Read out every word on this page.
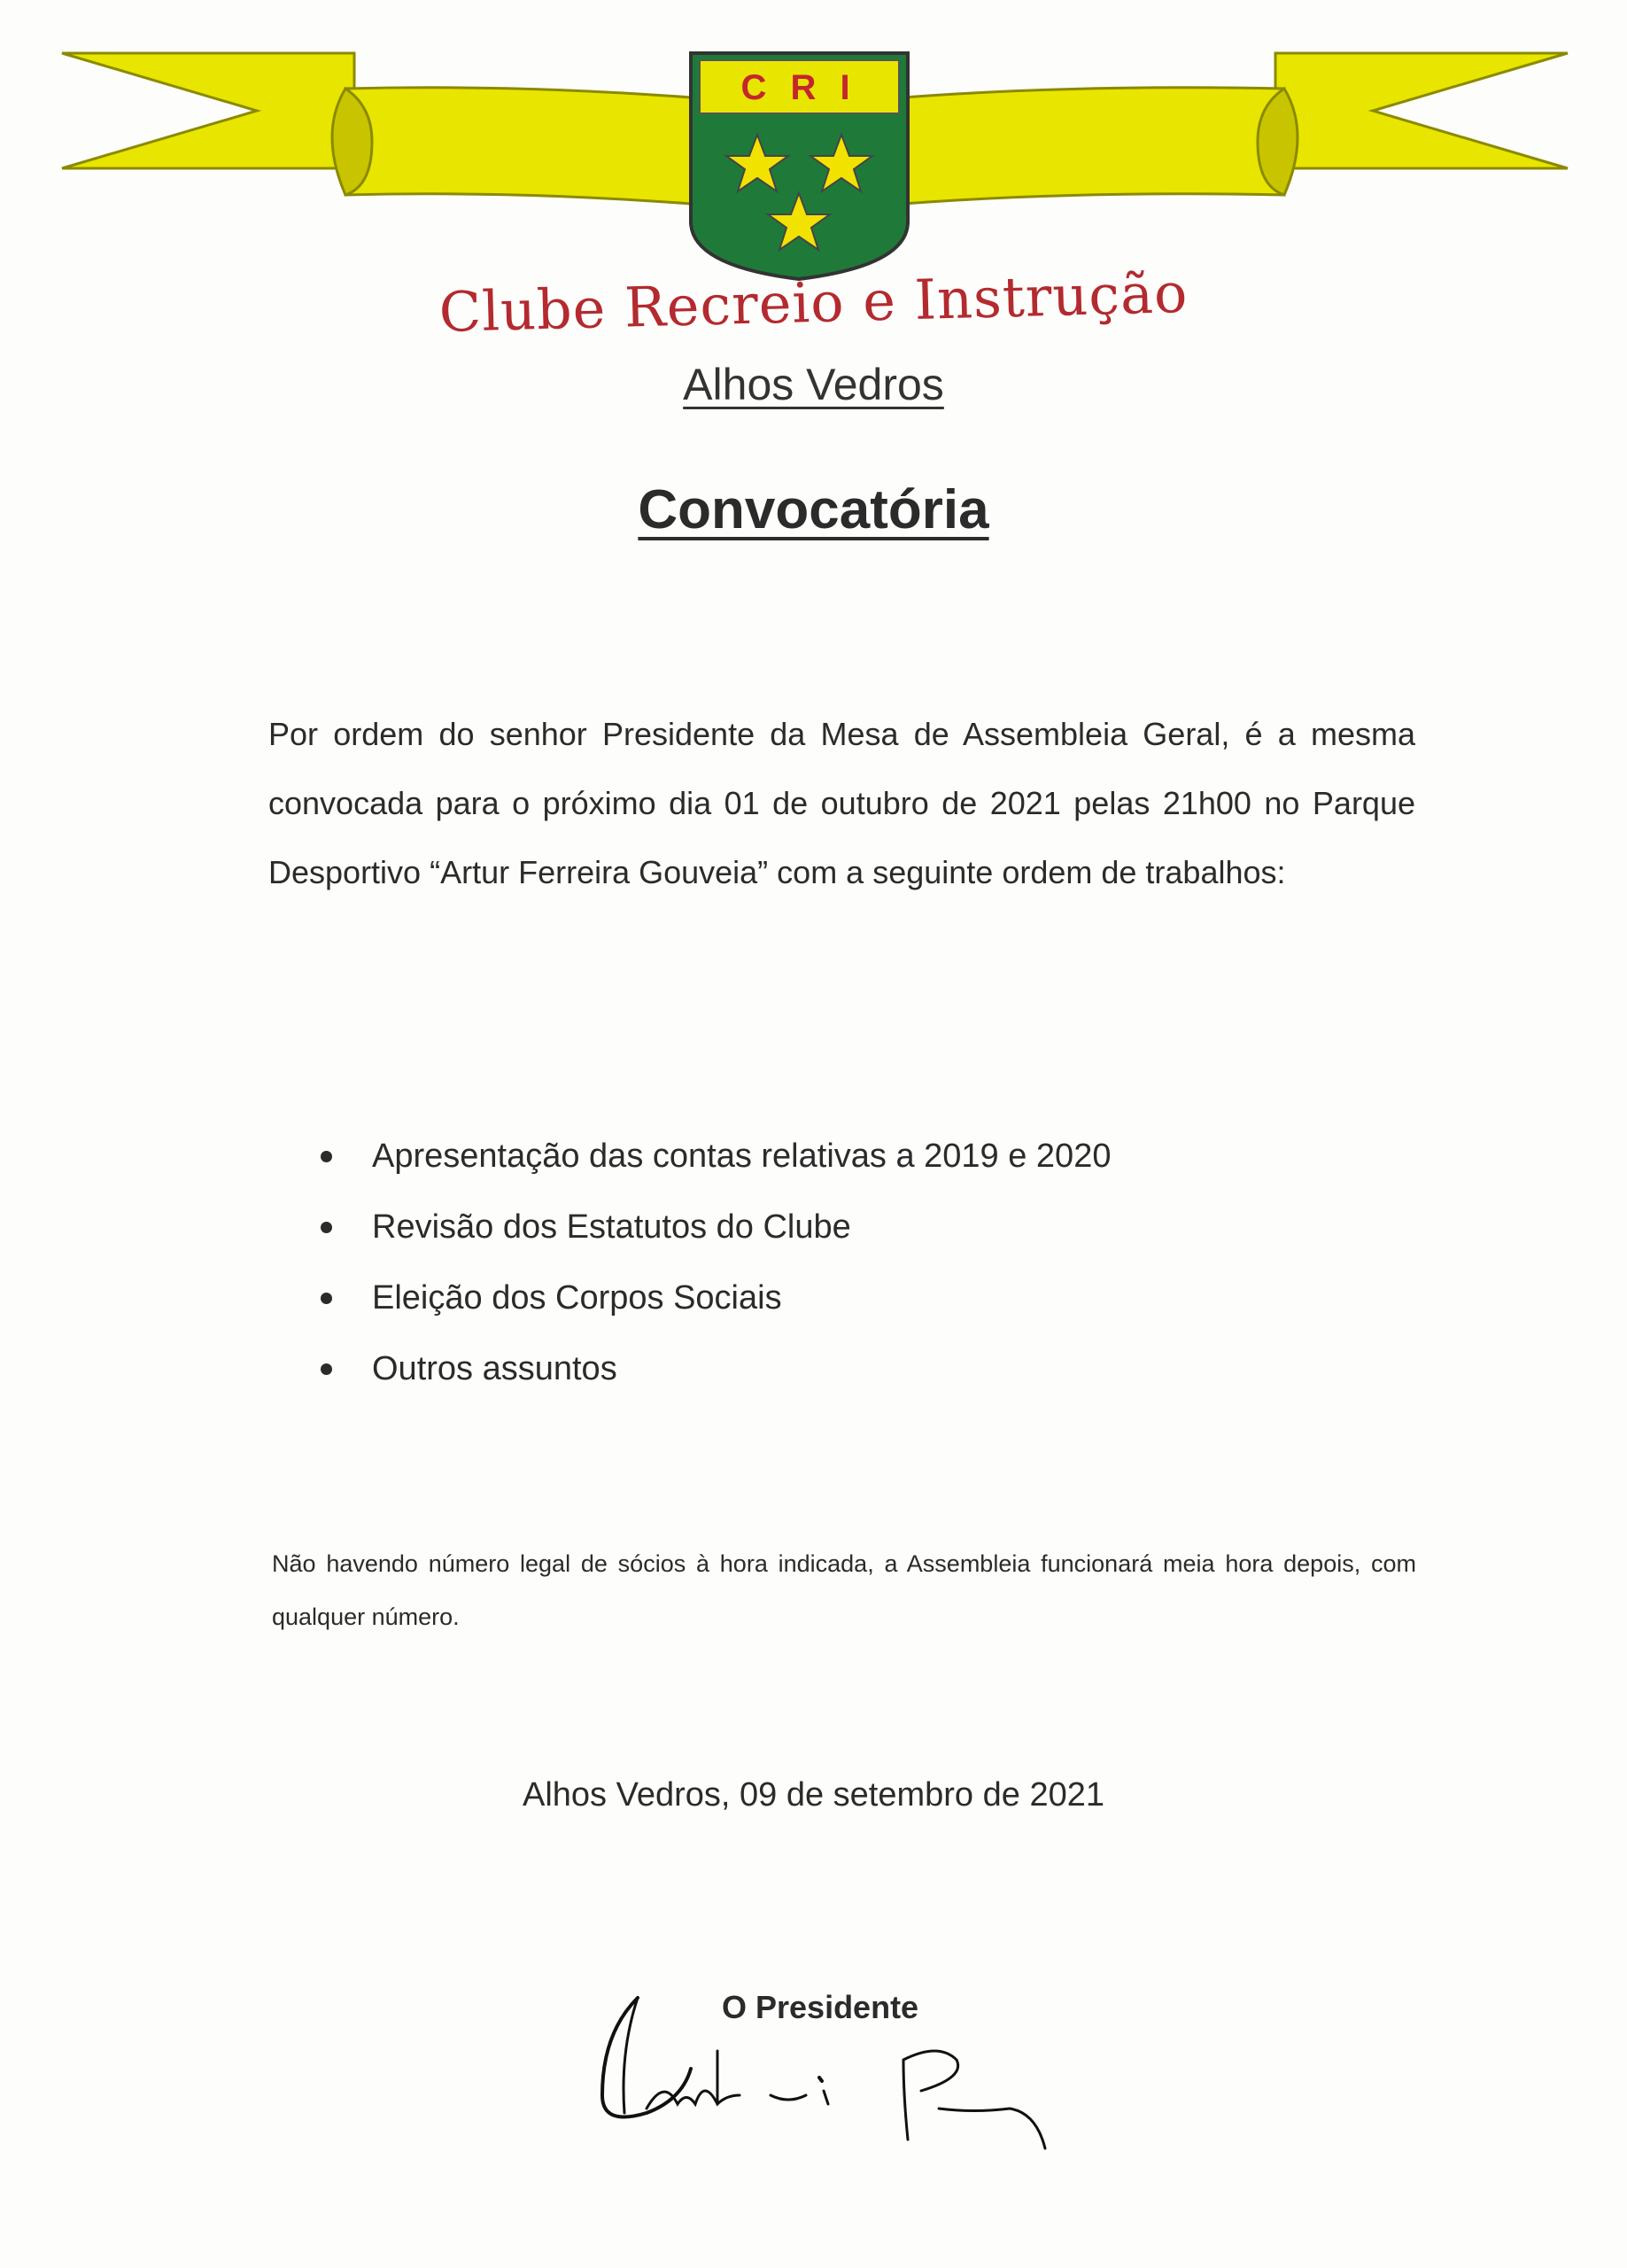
C R I
Clube Recreio e Instrução
Alhos Vedros
Convocatória
Por ordem do senhor Presidente da Mesa de Assembleia Geral, é a mesma convocada para o próximo dia 01 de outubro de 2021 pelas 21h00 no Parque Desportivo “Artur Ferreira Gouveia” com a seguinte ordem de trabalhos:
Apresentação das contas relativas a 2019 e 2020
Revisão dos Estatutos do Clube
Eleição dos Corpos Sociais
Outros assuntos
Não havendo número legal de sócios à hora indicada, a Assembleia funcionará meia hora depois, com qualquer número.
Alhos Vedros, 09 de setembro de 2021
O Presidente
